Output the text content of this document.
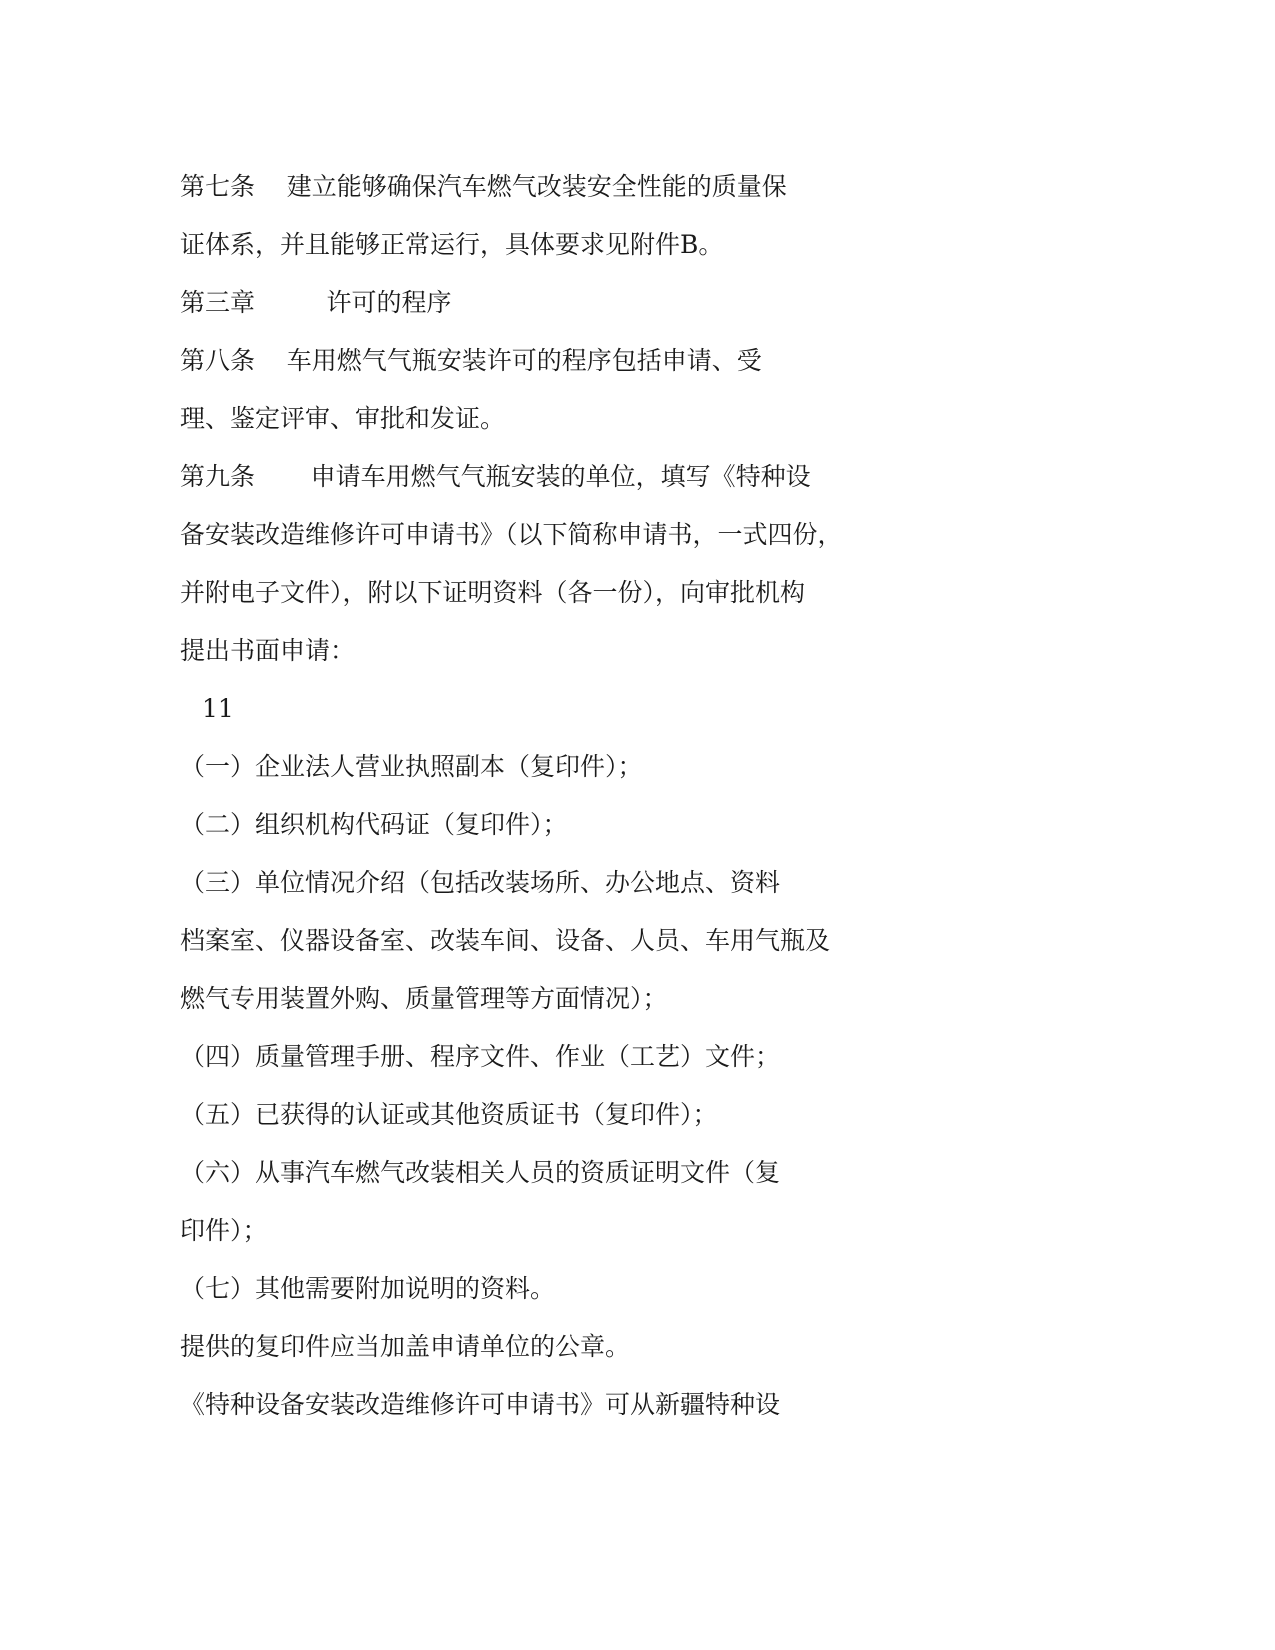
第七条    建立能够确保汽车燃气改装安全性能的质量保
证体系，并且能够正常运行，具体要求见附件B。
第三章         许可的程序
第八条    车用燃气气瓶安装许可的程序包括申请、受
理、鉴定评审、审批和发证。
第九条       申请车用燃气气瓶安装的单位，填写《特种设
备安装改造维修许可申请书》（以下简称申请书，一式四份，
并附电子文件），附以下证明资料（各一份），向审批机构
提出书面申请：
11
（一）企业法人营业执照副本（复印件）；
（二）组织机构代码证（复印件）；
（三）单位情况介绍（包括改装场所、办公地点、资料
档案室、仪器设备室、改装车间、设备、人员、车用气瓶及
燃气专用装置外购、质量管理等方面情况）；
（四）质量管理手册、程序文件、作业（工艺）文件；
（五）已获得的认证或其他资质证书（复印件）；
（六）从事汽车燃气改装相关人员的资质证明文件（复
印件）；
（七）其他需要附加说明的资料。
提供的复印件应当加盖申请单位的公章。
《特种设备安装改造维修许可申请书》可从新疆特种设
